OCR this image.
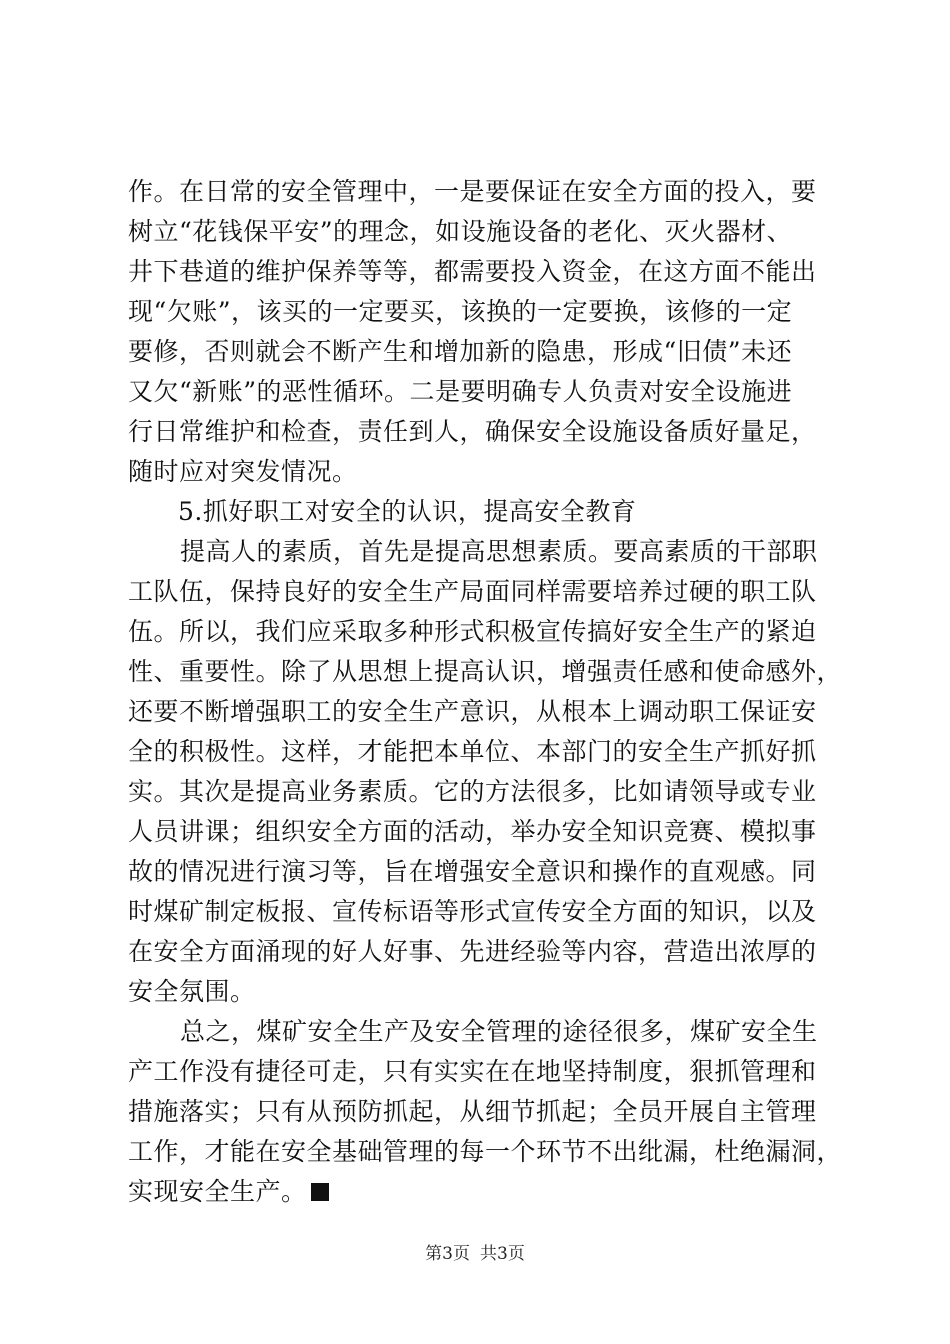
作。在日常的安全管理中，一是要保证在安全方面的投入，要
树立“花钱保平安”的理念，如设施设备的老化、灭火器材、
井下巷道的维护保养等等，都需要投入资金，在这方面不能出
现“欠账”，该买的一定要买，该换的一定要换，该修的一定
要修，否则就会不断产生和增加新的隐患，形成“旧债”未还
又欠“新账”的恶性循环。二是要明确专人负责对安全设施进
行日常维护和检查，责任到人，确保安全设施设备质好量足，
随时应对突发情况。
5.抓好职工对安全的认识，提高安全教育
提高人的素质，首先是提高思想素质。要高素质的干部职
工队伍，保持良好的安全生产局面同样需要培养过硬的职工队
伍。所以，我们应采取多种形式积极宣传搞好安全生产的紧迫
性、重要性。除了从思想上提高认识，增强责任感和使命感外，
还要不断增强职工的安全生产意识，从根本上调动职工保证安
全的积极性。这样，才能把本单位、本部门的安全生产抓好抓
实。其次是提高业务素质。它的方法很多，比如请领导或专业
人员讲课；组织安全方面的活动，举办安全知识竞赛、模拟事
故的情况进行演习等，旨在增强安全意识和操作的直观感。同
时煤矿制定板报、宣传标语等形式宣传安全方面的知识，以及
在安全方面涌现的好人好事、先进经验等内容，营造出浓厚的
安全氛围。
总之，煤矿安全生产及安全管理的途径很多，煤矿安全生
产工作没有捷径可走，只有实实在在地坚持制度，狠抓管理和
措施落实；只有从预防抓起，从细节抓起；全员开展自主管理
工作，才能在安全基础管理的每一个环节不出纰漏，杜绝漏洞，
实现安全生产。
第3页 共3页
